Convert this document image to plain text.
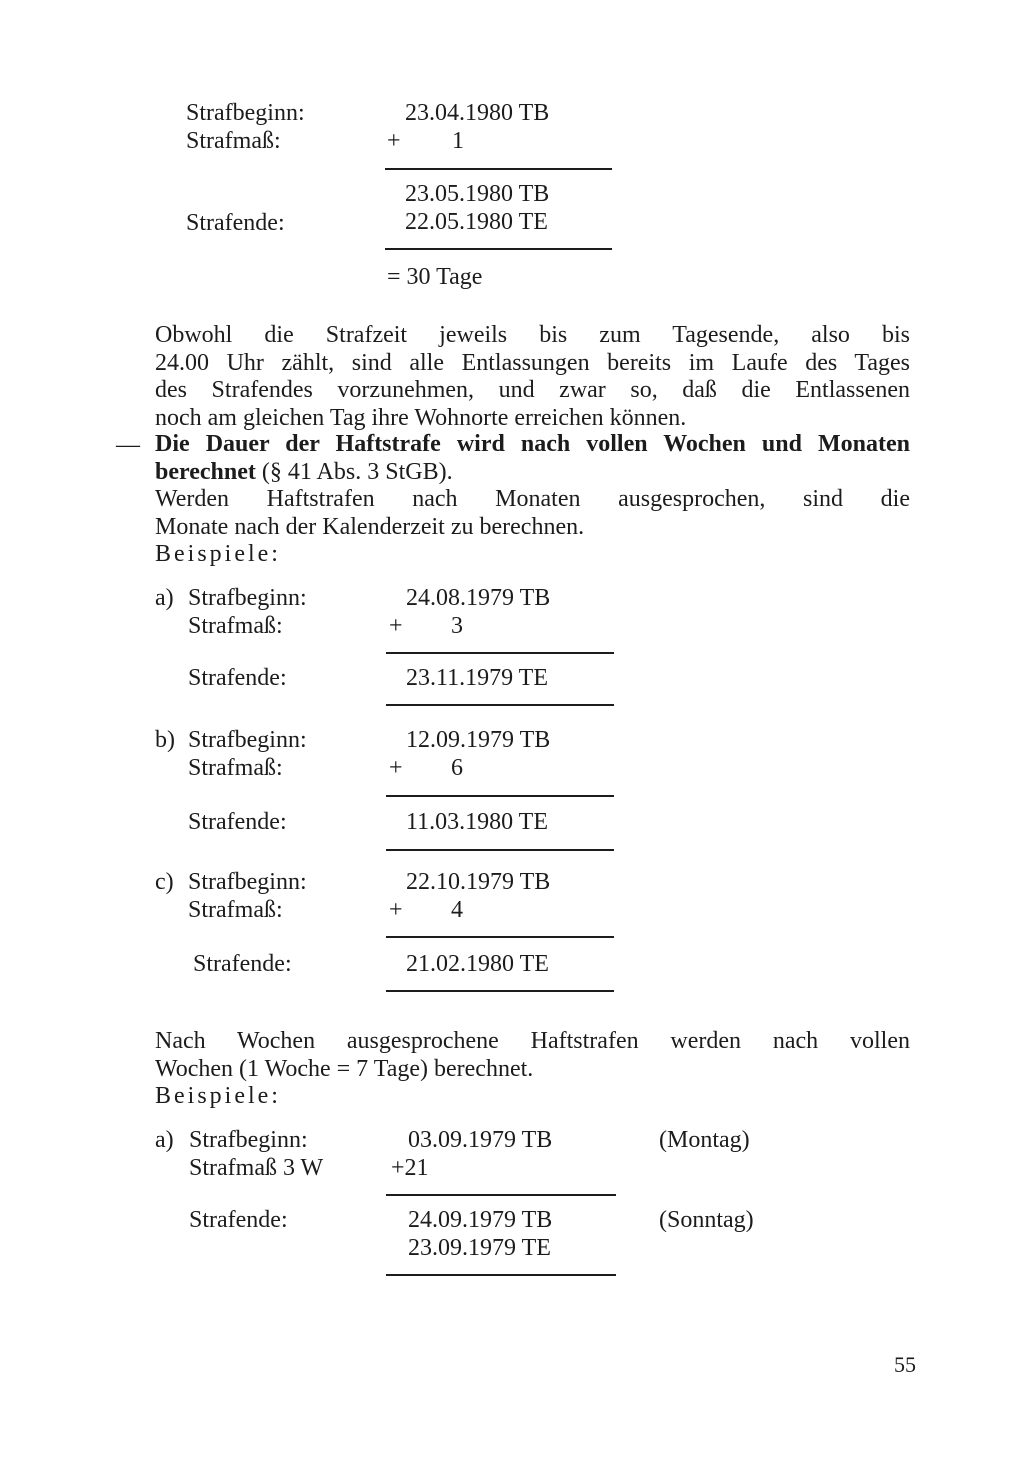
Strafbeginn:	23.04.1980 TB
Strafmaß:	+ 1
23.05.1980 TB
Strafende:	22.05.1980 TE
= 30 Tage
Obwohl die Strafzeit jeweils bis zum Tagesende, also bis
24.00 Uhr zählt, sind alle Entlassungen bereits im Laufe des Tages
des Strafendes vorzunehmen, und zwar so, daß die Entlassenen
noch am gleichen Tag ihre Wohnorte erreichen können.
— Die Dauer der Haftstrafe wird nach vollen Wochen und Monaten
berechnet (§ 41 Abs. 3 StGB).
Werden Haftstrafen nach Monaten ausgesprochen, sind die
Monate nach der Kalenderzeit zu berechnen.
Beispiele:
a) Strafbeginn:	24.08.1979 TB
Strafmaß:	+ 3
Strafende:	23.11.1979 TE
b) Strafbeginn:	12.09.1979 TB
Strafmaß:	+ 6
Strafende:	11.03.1980 TE
c) Strafbeginn:	22.10.1979 TB
Strafmaß:	+ 4
Strafende:	21.02.1980 TE
Nach Wochen ausgesprochene Haftstrafen werden nach vollen
Wochen (1 Woche = 7 Tage) berechnet.
Beispiele:
a) Strafbeginn:	03.09.1979 TB	(Montag)
Strafmaß 3 W	+21
Strafende:	24.09.1979 TB	(Sonntag)
23.09.1979 TE
55
